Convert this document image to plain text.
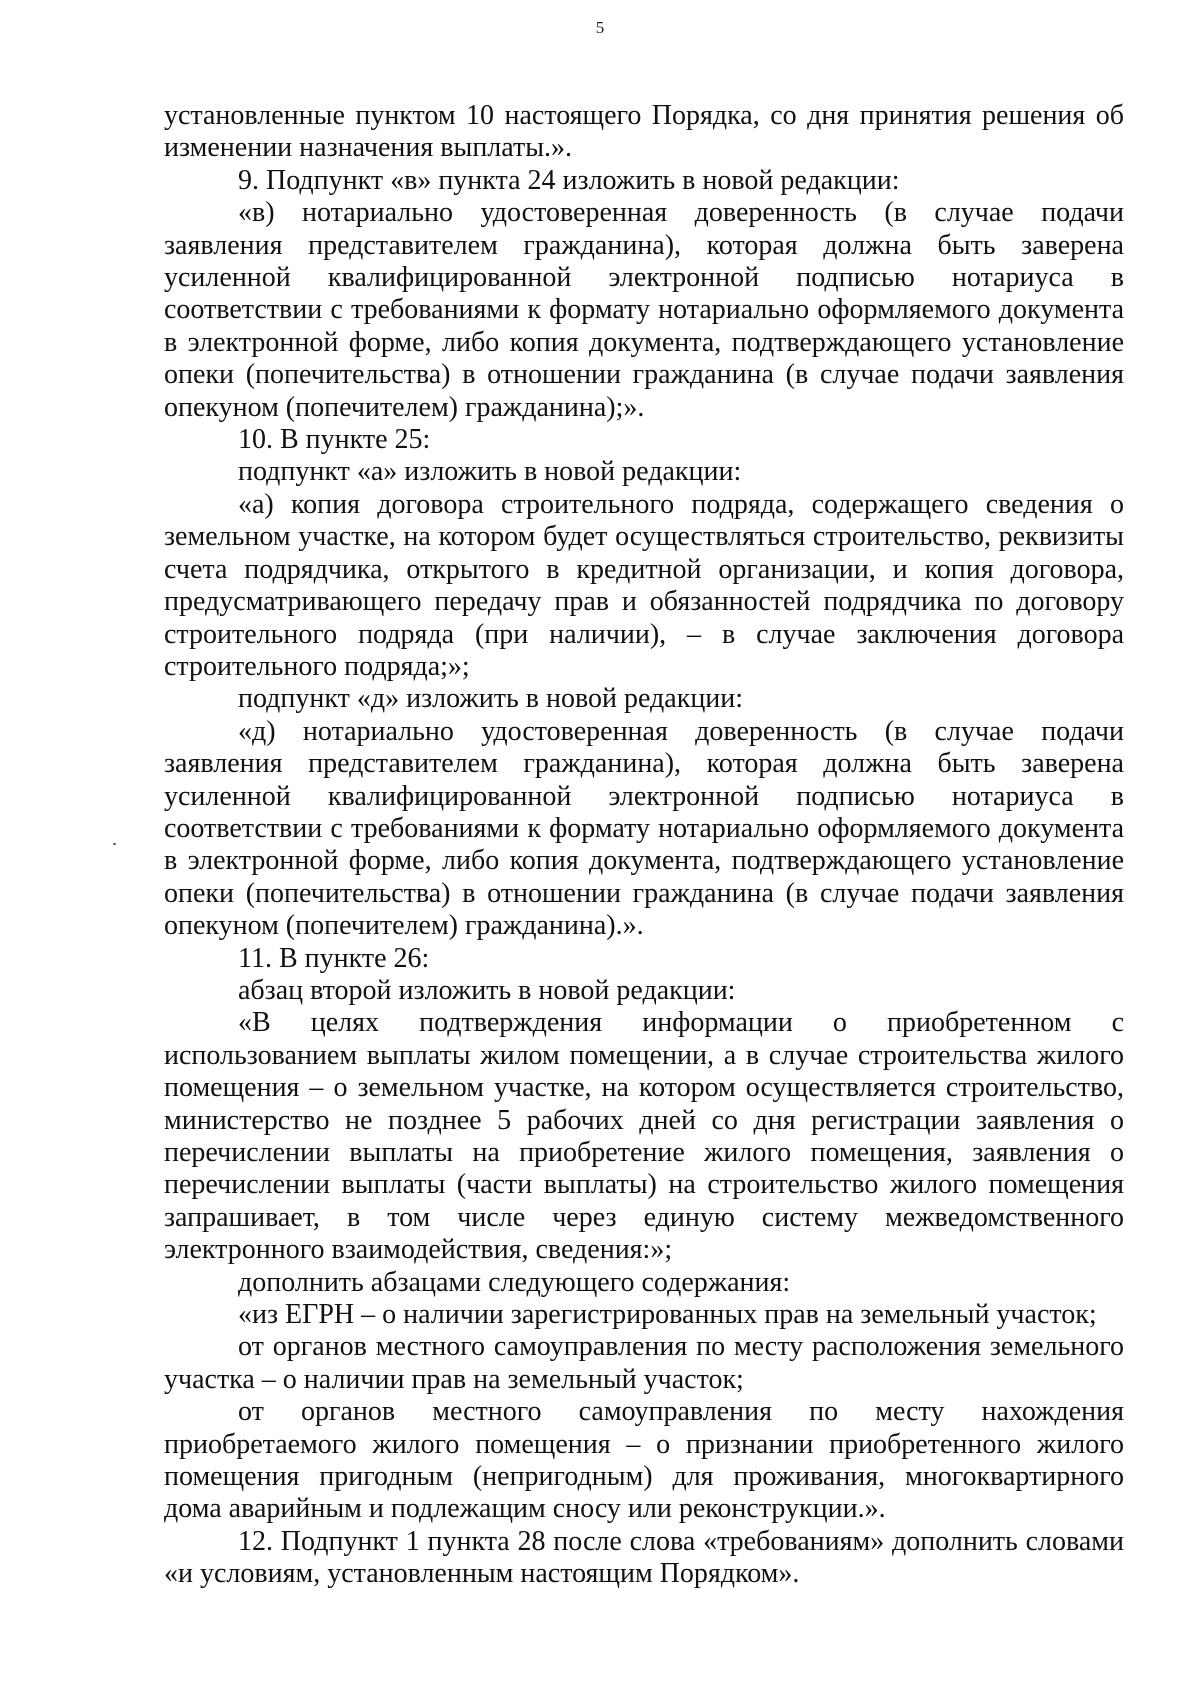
5

установленные пунктом 10 настоящего Порядка, со дня принятия решения об изменении назначения выплаты.».

9. Подпункт «в» пункта 24 изложить в новой редакции:

«в) нотариально удостоверенная доверенность (в случае подачи заявления представителем гражданина), которая должна быть заверена усиленной квалифицированной электронной подписью нотариуса в соответствии с требованиями к формату нотариально оформляемого документа в электронной форме, либо копия документа, подтверждающего установление опеки (попечительства) в отношении гражданина (в случае подачи заявления опекуном (попечителем) гражданина);».

10. В пункте 25:

подпункт «а» изложить в новой редакции:

«а) копия договора строительного подряда, содержащего сведения о земельном участке, на котором будет осуществляться строительство, реквизиты счета подрядчика, открытого в кредитной организации, и копия договора, предусматривающего передачу прав и обязанностей подрядчика по договору строительного подряда (при наличии), – в случае заключения договора строительного подряда;»;

подпункт «д» изложить в новой редакции:

«д) нотариально удостоверенная доверенность (в случае подачи заявления представителем гражданина), которая должна быть заверена усиленной квалифицированной электронной подписью нотариуса в соответствии с требованиями к формату нотариально оформляемого документа в электронной форме, либо копия документа, подтверждающего установление опеки (попечительства) в отношении гражданина (в случае подачи заявления опекуном (попечителем) гражданина).».

11. В пункте 26:

абзац второй изложить в новой редакции:

«В целях подтверждения информации о приобретенном с использованием выплаты жилом помещении, а в случае строительства жилого помещения – о земельном участке, на котором осуществляется строительство, министерство не позднее 5 рабочих дней со дня регистрации заявления о перечислении выплаты на приобретение жилого помещения, заявления о перечислении выплаты (части выплаты) на строительство жилого помещения запрашивает, в том числе через единую систему межведомственного электронного взаимодействия, сведения:»;

дополнить абзацами следующего содержания:

«из ЕГРН – о наличии зарегистрированных прав на земельный участок;

от органов местного самоуправления по месту расположения земельного участка – о наличии прав на земельный участок;

от органов местного самоуправления по месту нахождения приобретаемого жилого помещения – о признании приобретенного жилого помещения пригодным (непригодным) для проживания, многоквартирного дома аварийным и подлежащим сносу или реконструкции.».

12. Подпункт 1 пункта 28 после слова «требованиям» дополнить словами «и условиям, установленным настоящим Порядком».
